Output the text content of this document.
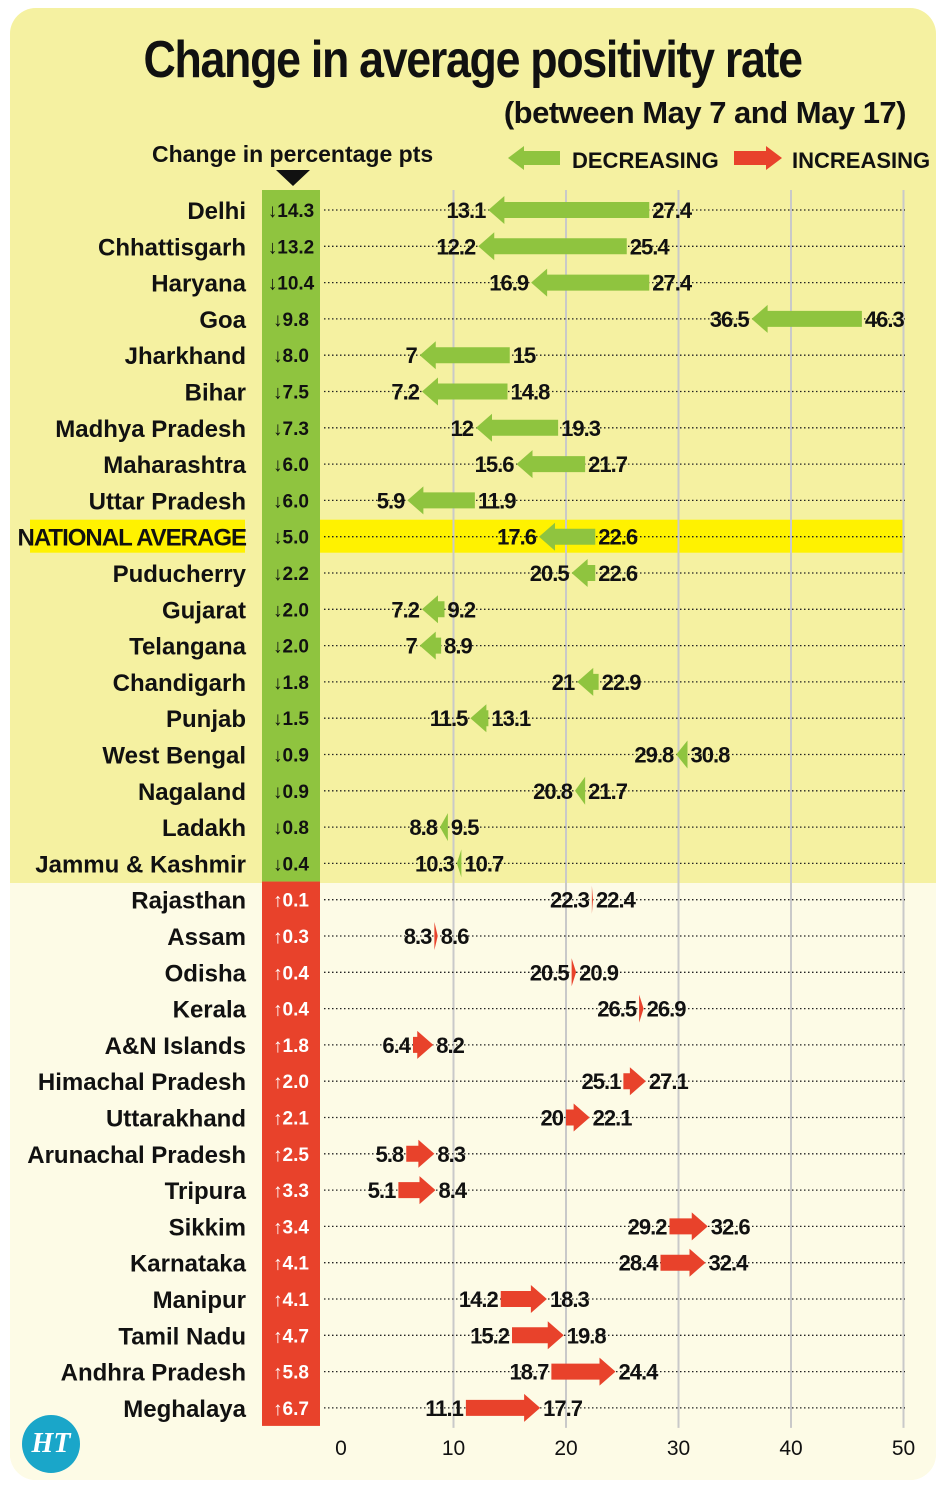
Change in average positivity rate
(between May 7 and May 17)
Change in percentage pts	DECREASING	INCREASING
Delhi ↓14.3	13.1	27.4
Chhattisgarh ↓13.2	12.2	25.4
Haryana ↓10.4	16.9	27.4
Goa ↓9.8	36.5	46.3
Jharkhand ↓8.0	7	15
Bihar ↓7.5	7.2	14.8
Madhya Pradesh ↓7.3	12	19.3
Maharashtra ↓6.0	15.6	21.7
Uttar Pradesh ↓6.0	5.9	11.9
NATIONAL AVERAGE ↓5.0	17.6	22.6
Puducherry ↓2.2	20.5 22.6
Gujarat ↓2.0	7.2 9.2
Telangana ↓2.0	7 8.9
Chandigarh ↓1.8	21 22.9
Punjab ↓1.5	11.5 13.1
West Bengal ↓0.9	29.8 30.8
Nagaland ↓0.9	20.8 21.7
Ladakh ↓0.8	8.8 9.5
Jammu & Kashmir ↓0.4	10.3 10.7
Rajasthan ↑0.1	22.3 22.4
Assam ↑0.3	8.3 8.6
Odisha ↑0.4	20.5 20.9
Kerala ↑0.4	26.5 26.9
A&N Islands ↑1.8	6.4 8.2
Himachal Pradesh ↑2.0	25.1 27.1
Uttarakhand ↑2.1	20 22.1
Arunachal Pradesh ↑2.5	5.8 8.3
Tripura ↑3.3	5.1 8.4
Sikkim ↑3.4	29.2 32.6
Karnataka ↑4.1	28.4 32.4
Manipur ↑4.1	14.2 18.3
Tamil Nadu ↑4.7	15.2	19.8
Andhra Pradesh ↑5.8	18.7	24.4
Meghalaya ↑6.7	11.1	17.7
0	10	20	30	40	50
HT
